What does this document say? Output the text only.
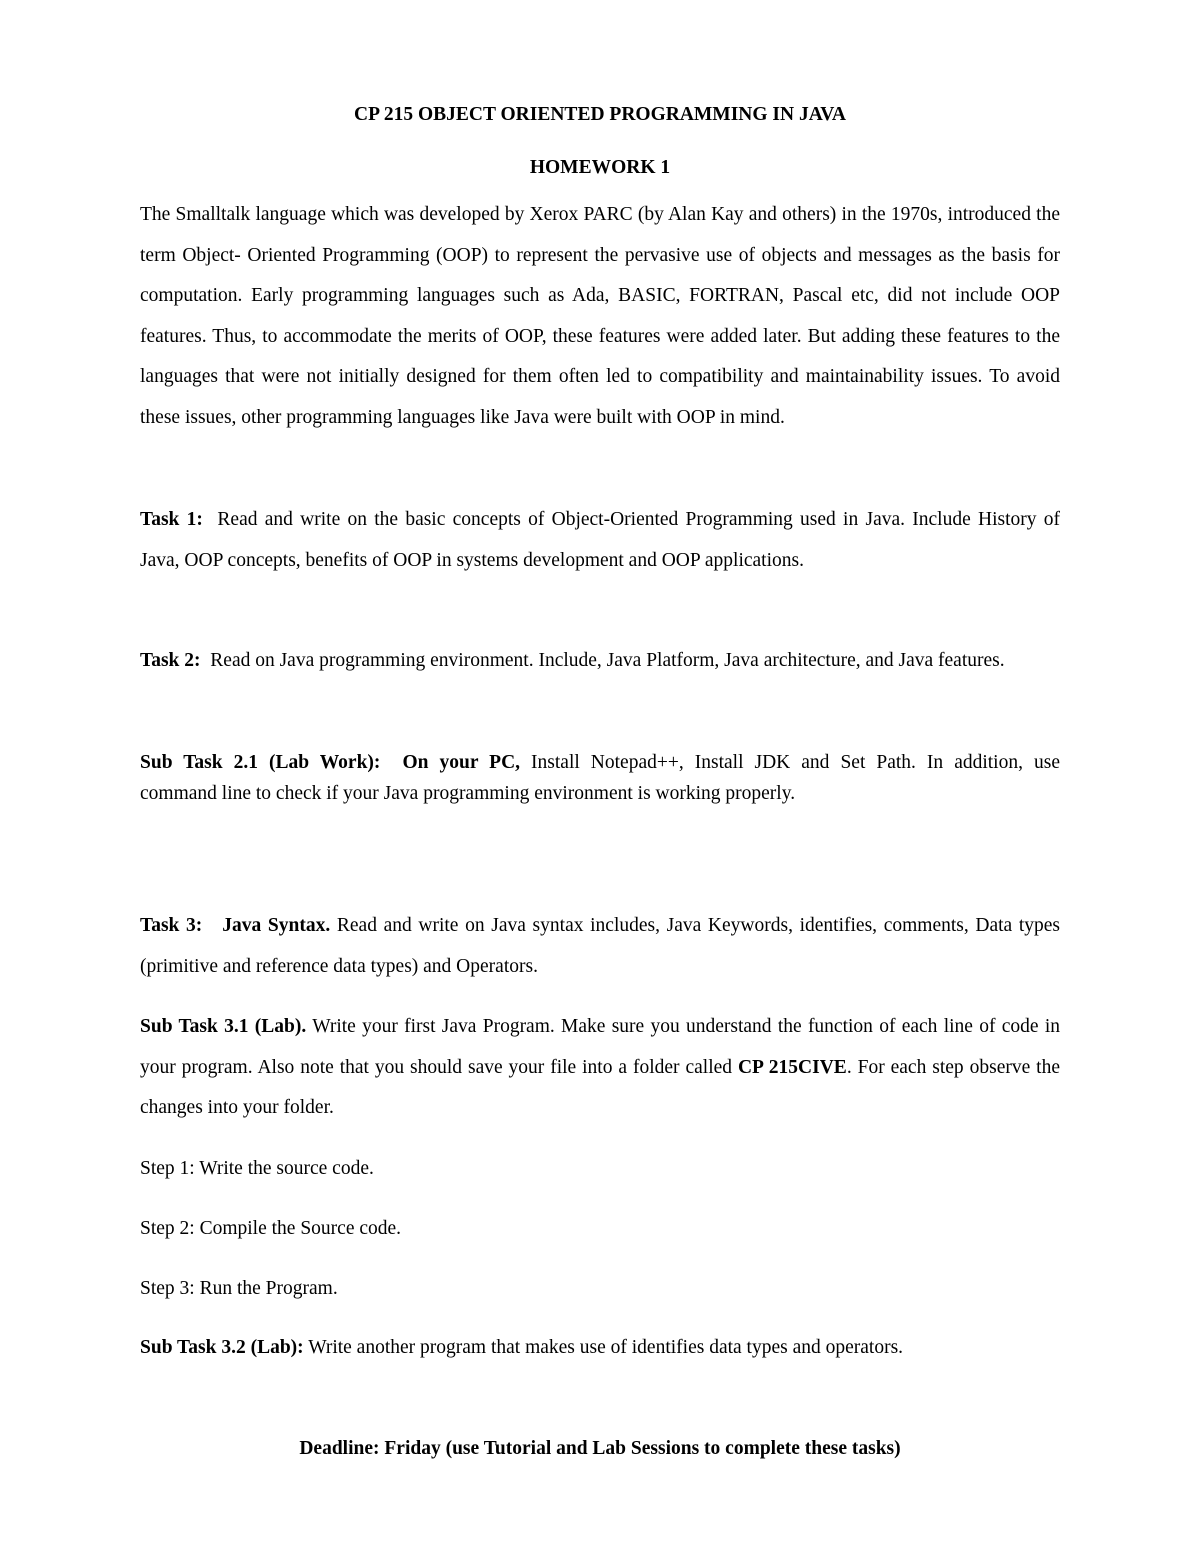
CP 215 OBJECT ORIENTED PROGRAMMING IN JAVA
HOMEWORK 1
The Smalltalk language which was developed by Xerox PARC (by Alan Kay and others) in the 1970s, introduced the term Object- Oriented Programming (OOP) to represent the pervasive use of objects and messages as the basis for computation. Early programming languages such as Ada, BASIC, FORTRAN, Pascal etc, did not include OOP features. Thus, to accommodate the merits of OOP, these features were added later. But adding these features to the languages that were not initially designed for them often led to compatibility and maintainability issues. To avoid these issues, other programming languages like Java were built with OOP in mind.
Task 1: Read and write on the basic concepts of Object-Oriented Programming used in Java. Include History of Java, OOP concepts, benefits of OOP in systems development and OOP applications.
Task 2: Read on Java programming environment. Include, Java Platform, Java architecture, and Java features.
Sub Task 2.1 (Lab Work): On your PC, Install Notepad++, Install JDK and Set Path. In addition, use        command line to check if your Java programming environment is working properly.
Task 3: Java Syntax. Read and write on Java syntax includes, Java Keywords, identifies, comments, Data types (primitive and reference data types) and Operators.
Sub Task 3.1 (Lab). Write your first Java Program. Make sure you understand the function of each line of code in your program. Also note that you should save your file into a folder called CP 215CIVE. For each step observe the changes into your folder.
Step 1: Write the source code.
Step 2: Compile the Source code.
Step 3: Run the Program.
Sub Task 3.2 (Lab): Write another program that makes use of identifies data types and operators.
Deadline: Friday (use Tutorial and Lab Sessions to complete these tasks)
